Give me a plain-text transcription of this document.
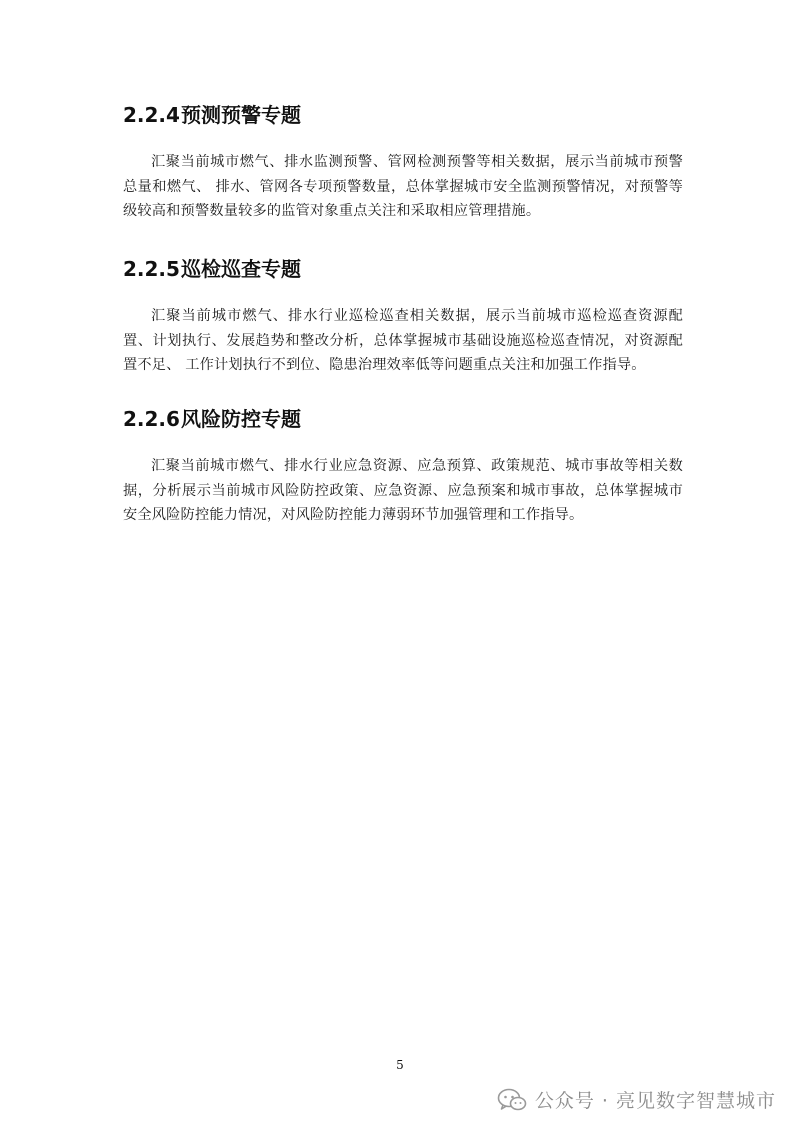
2.2.4 预测预警专题

汇聚当前城市燃气、排水监测预警、管网检测预警等相关数据，展示当前城市预警总量和燃气、 排水、管网各专项预警数量，总体掌握城市安全监测预警情况，对预警等级较高和预警数量较多的监管对象重点关注和采取相应管理措施。

2.2.5 巡检巡查专题

汇聚当前城市燃气、排水行业巡检巡查相关数据，展示当前城市巡检巡查资源配置、计划执行、发展趋势和整改分析，总体掌握城市基础设施巡检巡查情况，对资源配置不足、 工作计划执行不到位、隐患治理效率低等问题重点关注和加强工作指导。

2.2.6 风险防控专题

汇聚当前城市燃气、排水行业应急资源、应急预算、政策规范、城市事故等相关数据，分析展示当前城市风险防控政策、应急资源、应急预案和城市事故，总体掌握城市安全风险防控能力情况，对风险防控能力薄弱环节加强管理和工作指导。

5
公众号 · 亮见数字智慧城市
